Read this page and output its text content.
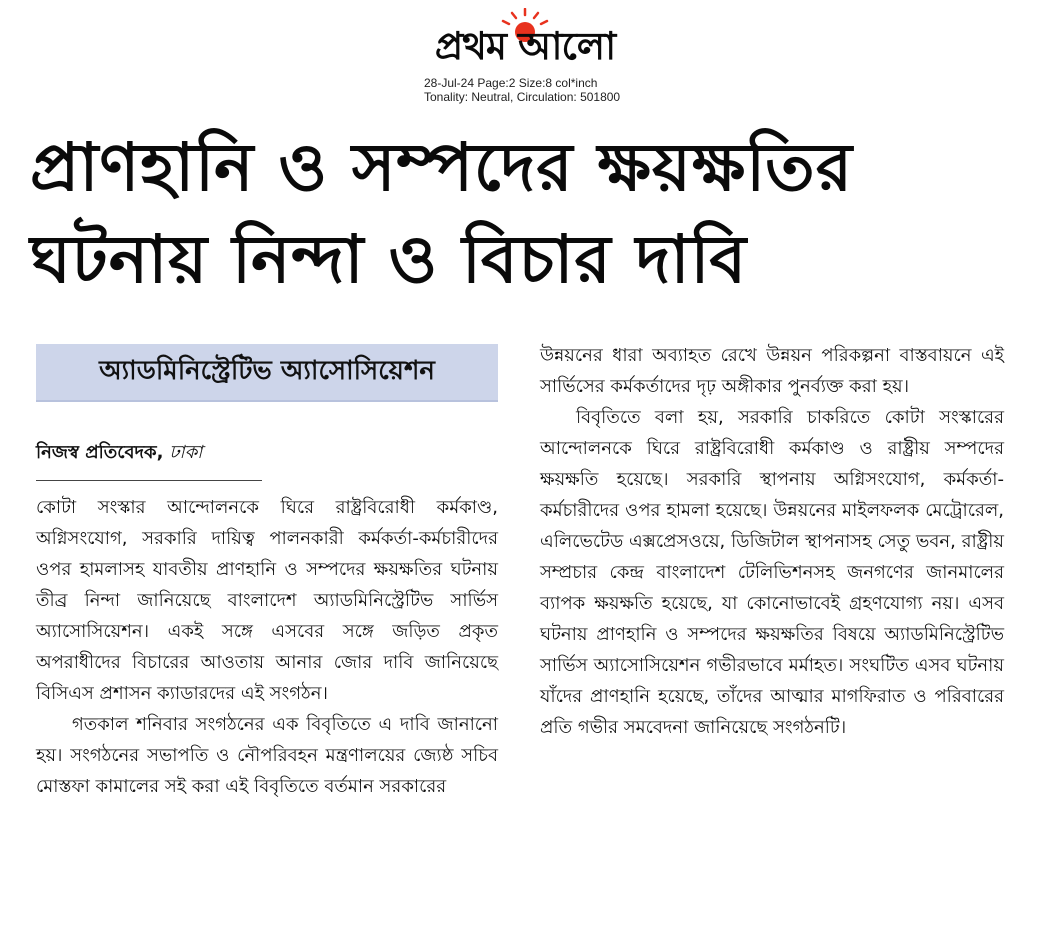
প্রথম আলো
28-Jul-24 Page:2 Size:8 col*inch
Tonality: Neutral, Circulation: 501800
প্রাণহানি ও সম্পদের ক্ষয়ক্ষতির
ঘটনায় নিন্দা ও বিচার দাবি
অ্যাডমিনিস্ট্রেটিভ অ্যাসোসিয়েশন
নিজস্ব প্রতিবেদক, ঢাকা

কোটা সংস্কার আন্দোলনকে ঘিরে রাষ্ট্রবিরোধী কর্মকাণ্ড, অগ্নিসংযোগ, সরকারি দায়িত্ব পালনকারী কর্মকর্তা-কর্মচারীদের ওপর হামলাসহ যাবতীয় প্রাণহানি ও সম্পদের ক্ষয়ক্ষতির ঘটনায় তীব্র নিন্দা জানিয়েছে বাংলাদেশ অ্যাডমিনিস্ট্রেটিভ সার্ভিস অ্যাসোসিয়েশন। একই সঙ্গে এসবের সঙ্গে জড়িত প্রকৃত অপরাধীদের বিচারের আওতায় আনার জোর দাবি জানিয়েছে বিসিএস প্রশাসন ক্যাডারদের এই সংগঠন।

গতকাল শনিবার সংগঠনের এক বিবৃতিতে এ দাবি জানানো হয়। সংগঠনের সভাপতি ও নৌপরিবহন মন্ত্রণালয়ের জ্যেষ্ঠ সচিব মোস্তফা কামালের সই করা এই বিবৃতিতে বর্তমান সরকারের

উন্নয়নের ধারা অব্যাহত রেখে উন্নয়ন পরিকল্পনা বাস্তবায়নে এই সার্ভিসের কর্মকর্তাদের দৃঢ় অঙ্গীকার পুনর্ব্যক্ত করা হয়।

বিবৃতিতে বলা হয়, সরকারি চাকরিতে কোটা সংস্কারের আন্দোলনকে ঘিরে রাষ্ট্রবিরোধী কর্মকাণ্ড ও রাষ্ট্রীয় সম্পদের ক্ষয়ক্ষতি হয়েছে। সরকারি স্থাপনায় অগ্নিসংযোগ, কর্মকর্তা-কর্মচারীদের ওপর হামলা হয়েছে। উন্নয়নের মাইলফলক মেট্রোরেল, এলিভেটেড এক্সপ্রেসওয়ে, ডিজিটাল স্থাপনাসহ সেতু ভবন, রাষ্ট্রীয় সম্প্রচার কেন্দ্র বাংলাদেশ টেলিভিশনসহ জনগণের জানমালের ব্যাপক ক্ষয়ক্ষতি হয়েছে, যা কোনোভাবেই গ্রহণযোগ্য নয়। এসব ঘটনায় প্রাণহানি ও সম্পদের ক্ষয়ক্ষতির বিষয়ে অ্যাডমিনিস্ট্রেটিভ সার্ভিস অ্যাসোসিয়েশন গভীরভাবে মর্মাহত। সংঘটিত এসব ঘটনায় যাঁদের প্রাণহানি হয়েছে, তাঁদের আত্মার মাগফিরাত ও পরিবারের প্রতি গভীর সমবেদনা জানিয়েছে সংগঠনটি।
